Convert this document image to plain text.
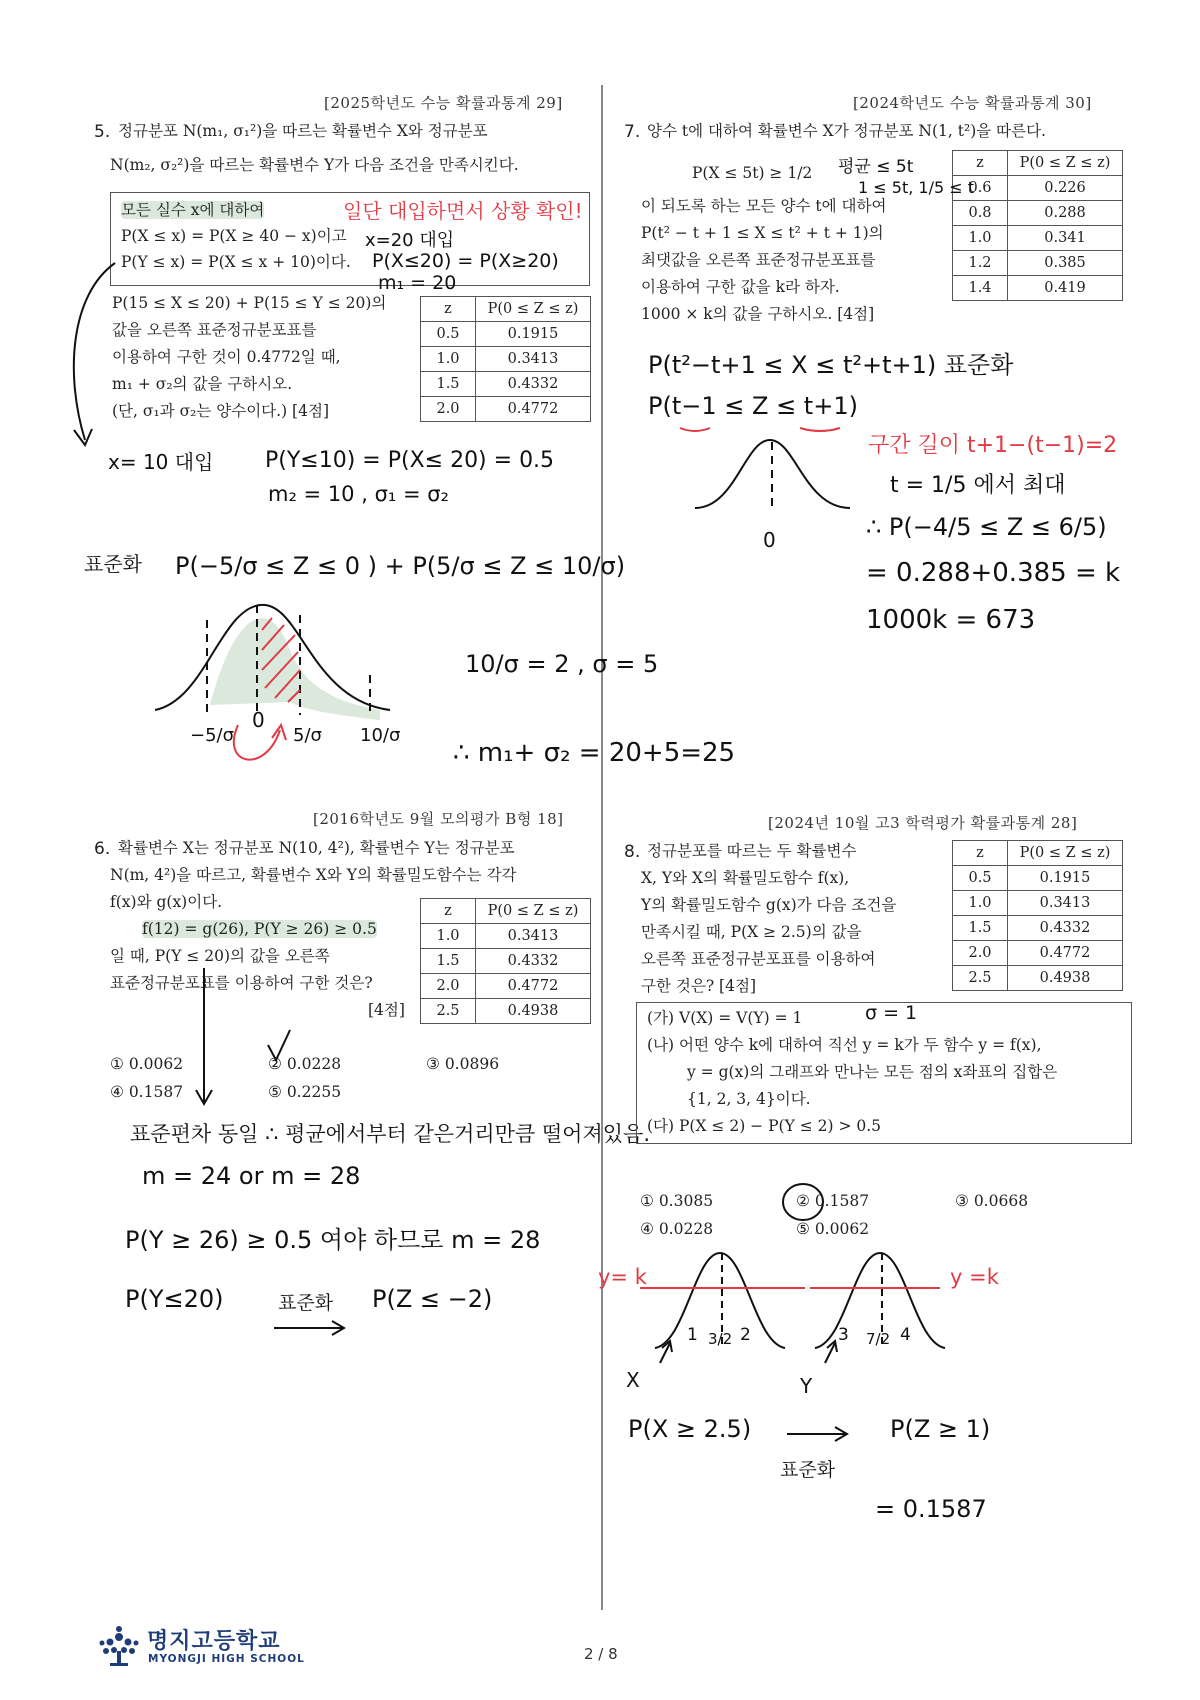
[2025학년도 수능 확률과통계 29]
5. 정규분포 N(m₁, σ₁²)을 따르는 확률변수 X와 정규분포
N(m₂, σ₂²)을 따르는 확률변수 Y가 다음 조건을 만족시킨다.
모든 실수 x에 대하여
P(X ≤ x) = P(X ≥ 40 − x)이고
P(Y ≤ x) = P(X ≤ x + 10)이다.
P(15 ≤ X ≤ 20) + P(15 ≤ Y ≤ 20)의
값을 오른쪽 표준정규분포표를
이용하여 구한 것이 0.4772일 때,
m₁ + σ₂의 값을 구하시오.
(단, σ₁과 σ₂는 양수이다.) [4점]
z	P(0 ≤ Z ≤ z)
0.5	0.1915
1.0	0.3413
1.5	0.4332
2.0	0.4772
일단 대입하면서 상황 확인!
x=20 대입
P(X≤20) = P(X≥20)
m₁ = 20
x= 10 대입 P(Y≤10) = P(X≤ 20) = 0.5
m₂ = 10 , σ₁ = σ₂
표준화 P(−5/σ ≤ Z ≤ 0 ) + P(5/σ ≤ Z ≤ 10/σ)
−5/σ
0
5/σ 10/σ
10/σ = 2 , σ = 5
∴ m₁+ σ₂ = 20+5=25
[2024학년도 수능 확률과통계 30]
7. 양수 t에 대하여 확률변수 X가 정규분포 N(1, t²)을 따른다.
P(X ≤ 5t) ≥ 1/2
이 되도록 하는 모든 양수 t에 대하여
P(t² − t + 1 ≤ X ≤ t² + t + 1)의
최댓값을 오른쪽 표준정규분포표를
이용하여 구한 값을 k라 하자.
1000 × k의 값을 구하시오. [4점]
z	P(0 ≤ Z ≤ z)
0.6	0.226
0.8	0.288
1.0	0.341
1.2	0.385
1.4	0.419
평균 ≤ 5t
1 ≤ 5t, 1/5 ≤ t
P(t²−t+1 ≤ X ≤ t²+t+1) 표준화
P(t−1 ≤ Z ≤ t+1)
구간 길이 t+1−(t−1)=2
t = 1/5 에서 최대
0	∴ P(−4/5 ≤ Z ≤ 6/5)
= 0.288+0.385 = k
1000k = 673
[2016학년도 9월 모의평가 B형 18]
6. 확률변수 X는 정규분포 N(10, 4²), 확률변수 Y는 정규분포
N(m, 4²)을 따르고, 확률변수 X와 Y의 확률밀도함수는 각각
f(x)와 g(x)이다.
f(12) = g(26), P(Y ≥ 26) ≥ 0.5
일 때, P(Y ≤ 20)의 값을 오른쪽
표준정규분포표를 이용하여 구한 것은?
[4점]
z	P(0 ≤ Z ≤ z)
1.0	0.3413
1.5	0.4332
2.0	0.4772
2.5	0.4938
① 0.0062	② 0.0228	③ 0.0896
④ 0.1587	⑤ 0.2255
표준편차 동일 ∴ 평균에서부터 같은거리만큼 떨어져있음.
m = 24 or m = 28
P(Y ≥ 26) ≥ 0.5 여야 하므로 m = 28
P(Y≤20)	표준화 P(Z ≤ −2)
[2024년 10월 고3 학력평가 확률과통계 28]
8. 정규분포를 따르는 두 확률변수
X, Y와 X의 확률밀도함수 f(x),
Y의 확률밀도함수 g(x)가 다음 조건을
만족시킬 때, P(X ≥ 2.5)의 값을
오른쪽 표준정규분포표를 이용하여
구한 것은? [4점]
z	P(0 ≤ Z ≤ z)
0.5	0.1915
1.0	0.3413
1.5	0.4332
2.0	0.4772
2.5	0.4938
(가) V(X) = V(Y) = 1
(나) 어떤 양수 k에 대하여 직선 y = k가 두 함수 y = f(x),
y = g(x)의 그래프와 만나는 모든 점의 x좌표의 집합은
{1, 2, 3, 4}이다.
(다) P(X ≤ 2) − P(Y ≤ 2) > 0.5
σ = 1
① 0.3085	② 0.1587	③ 0.0668
④ 0.0228	⑤ 0.0062
y= k	y =k
1 3/2 2	3 7/2 4
X	Y
P(X ≥ 2.5)
표준화
P(Z ≥ 1)
= 0.1587
명지고등학교
MYONGJI HIGH SCHOOL	2 / 8
